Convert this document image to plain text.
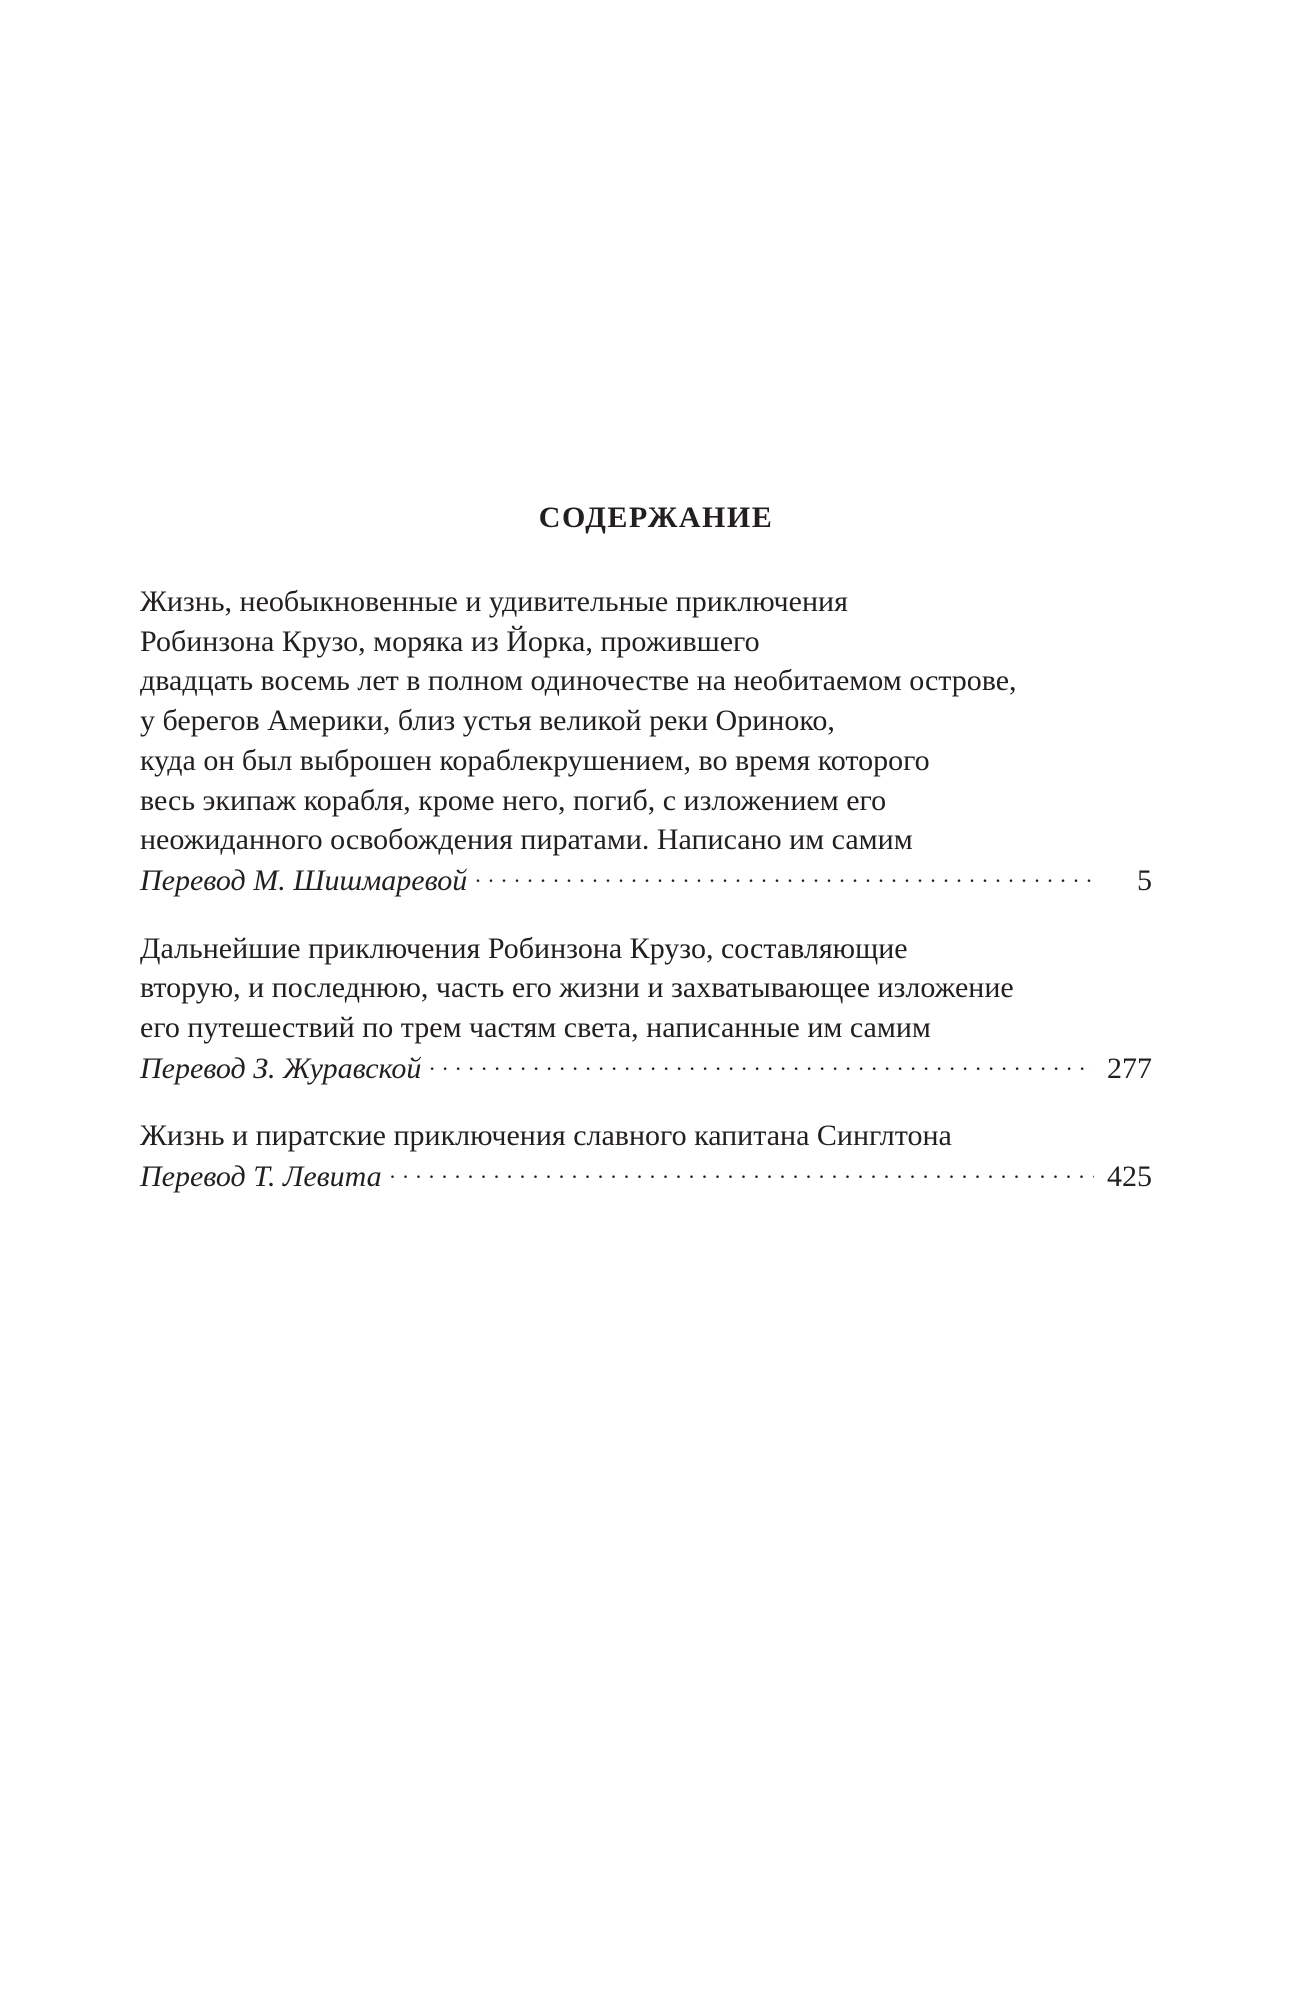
СОДЕРЖАНИЕ
Жизнь, необыкновенные и удивительные приключения
Робинзона Крузо, моряка из Йорка, прожившего
двадцать восемь лет в полном одиночестве на необитаемом острове,
у берегов Америки, близ устья великой реки Ориноко,
куда он был выброшен кораблекрушением, во время которого
весь экипаж корабля, кроме него, погиб, с изложением его
неожиданного освобождения пиратами. Написано им самим
Перевод М. Шишмаревой . . .	5
Дальнейшие приключения Робинзона Крузо, составляющие
вторую, и последнюю, часть его жизни и захватывающее изложение
его путешествий по трем частям света, написанные им самим
Перевод З. Журавской . . .	277
Жизнь и пиратские приключения славного капитана Синглтона
Перевод Т. Левита . . .	425
